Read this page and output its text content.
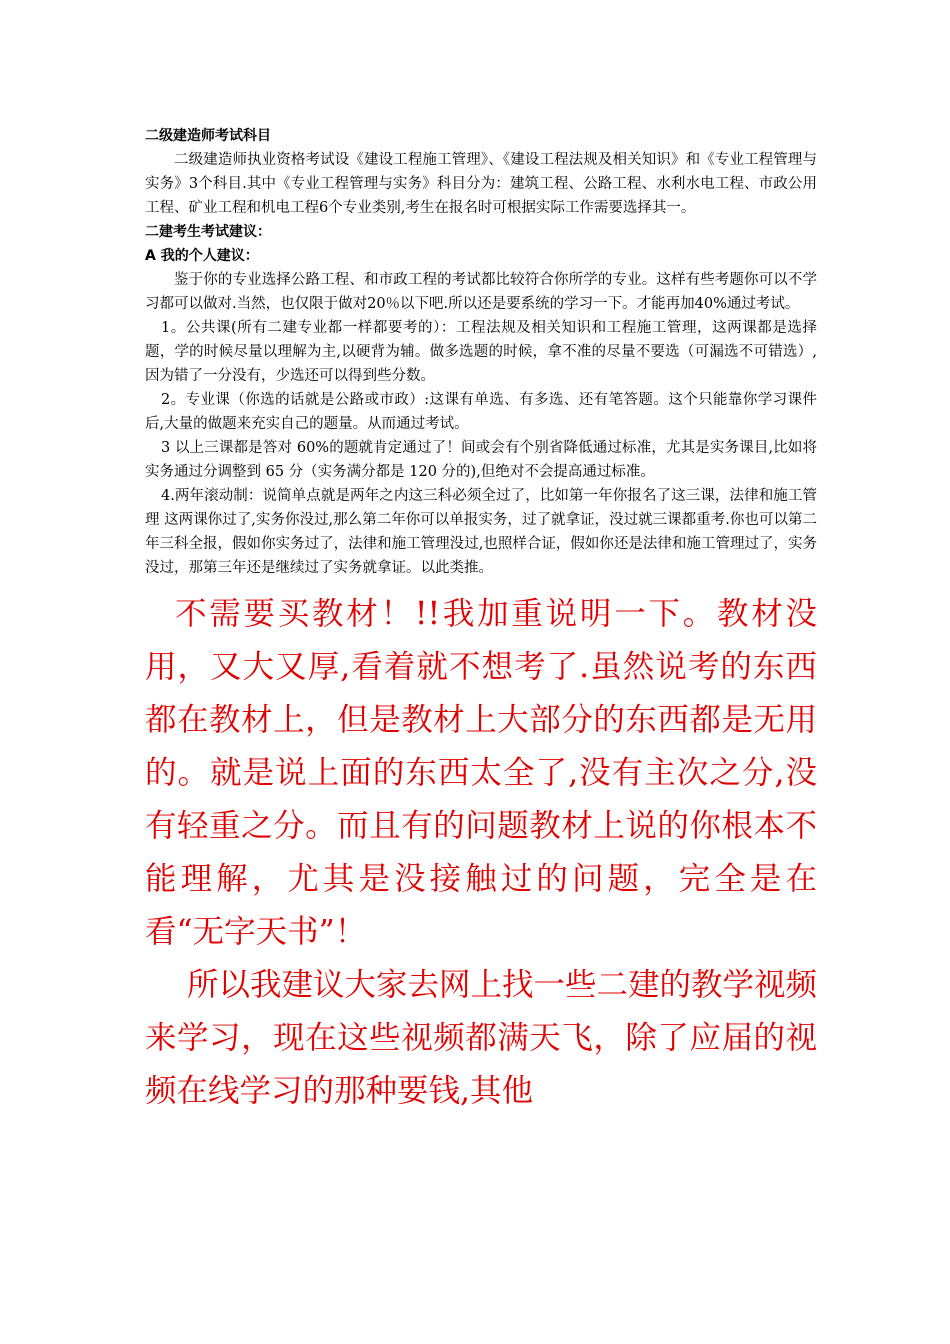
二级建造师考试科目

二级建造师执业资格考试设《建设工程施工管理》、《建设工程法规及相关知识》和《专业工程管理与实务》3个科目.其中《专业工程管理与实务》科目分为：建筑工程、公路工程、水利水电工程、市政公用工程、矿业工程和机电工程6个专业类别,考生在报名时可根据实际工作需要选择其一。

二建考生考试建议：

A 我的个人建议：

鉴于你的专业选择公路工程、和市政工程的考试都比较符合你所学的专业。这样有些考题你可以不学习都可以做对.当然，也仅限于做对20％以下吧.所以还是要系统的学习一下。才能再加40%通过考试。

1。公共课(所有二建专业都一样都要考的）：工程法规及相关知识和工程施工管理，这两课都是选择题，学的时候尽量以理解为主,以硬背为辅。做多选题的时候，拿不准的尽量不要选（可漏选不可错选）,因为错了一分没有，少选还可以得到些分数。

2。专业课（你选的话就是公路或市政）:这课有单选、有多选、还有笔答题。这个只能靠你学习课件后,大量的做题来充实自己的题量。从而通过考试。

3 以上三课都是答对 60%的题就肯定通过了！间或会有个别省降低通过标准，尤其是实务课目,比如将实务通过分调整到 65 分（实务满分都是 120 分的),但绝对不会提高通过标准。

4.两年滚动制：说简单点就是两年之内这三科必须全过了，比如第一年你报名了这三课，法律和施工管理 这两课你过了,实务你没过,那么第二年你可以单报实务，过了就拿证，没过就三课都重考.你也可以第二年三科全报，假如你实务过了，法律和施工管理没过,也照样合证，假如你还是法律和施工管理过了，实务没过，那第三年还是继续过了实务就拿证。以此类推。

不需要买教材！!!我加重说明一下。教材没用，又大又厚,看着就不想考了.虽然说考的东西都在教材上，但是教材上大部分的东西都是无用的。就是说上面的东西太全了,没有主次之分,没有轻重之分。而且有的问题教材上说的你根本不能理解，尤其是没接触过的问题，完全是在看“无字天书”！

所以我建议大家去网上找一些二建的教学视频来学习，现在这些视频都满天飞，除了应届的视频在线学习的那种要钱,其他
